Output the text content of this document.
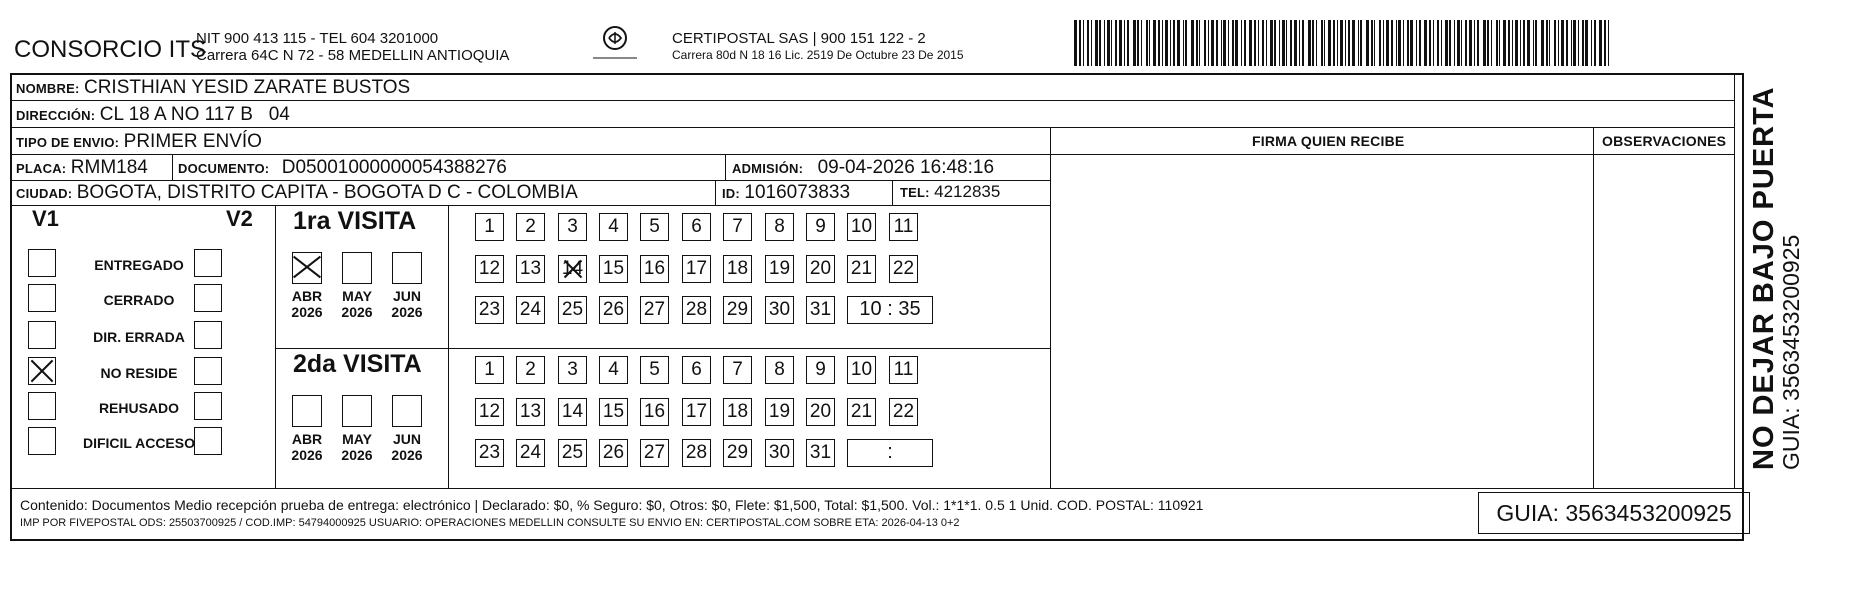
CONSORCIO ITS
NIT 900 413 115 - TEL 604 3201000
Carrera 64C N 72 - 58 MEDELLIN ANTIOQUIA
CERTIPOSTAL SAS | 900 151 122 - 2
Carrera 80d N 18 16 Lic. 2519 De Octubre 23 De 2015
NOMBRE: CRISTHIAN YESID ZARATE BUSTOS
DIRECCIÓN: CL 18 A NO 117 B   04
TIPO DE ENVIO: PRIMER ENVÍO	FIRMA QUIEN RECIBE	OBSERVACIONES
PLACA: RMM184 DOCUMENTO: D05001000000054388276	ADMISIÓN: 09-04-2026 16:48:16
CIUDAD: BOGOTA, DISTRITO CAPITA - BOGOTA D C - COLOMBIA	ID: 1016073833	TEL: 4212835
V1	V2
ENTREGADO
CERRADO
DIR. ERRADA
NO RESIDE
REHUSADO
DIFICIL ACCESO
1ra VISITA
ABR
2026
MAY
2026
JUN
2026
1	2	3	4	5	6	7	8	9	10 11
12 13 14 15 16 17 18 19 20 21 22
23 24 25 26 27 28 29 30 31	10 : 35
2da VISITA
ABR
2026
MAY
2026
JUN
2026
1	2	3	4	5	6	7	8	9	10 11
12 13 14 15 16 17 18 19 20 21 22
23 24 25 26 27 28 29 30 31	:
Contenido: Documentos Medio recepción prueba de entrega: electrónico | Declarado: $0, % Seguro: $0, Otros: $0, Flete: $1,500, Total: $1,500. Vol.: 1*1*1. 0.5 1 Unid. COD. POSTAL: 110921
IMP POR FIVEPOSTAL ODS: 25503700925 / COD.IMP: 54794000925 USUARIO: OPERACIONES MEDELLIN CONSULTE SU ENVIO EN: CERTIPOSTAL.COM SOBRE ETA: 2026-04-13 0+2	GUIA: 3563453200925
NO DEJAR BAJO PUERTA
GUIA: 3563453200925
